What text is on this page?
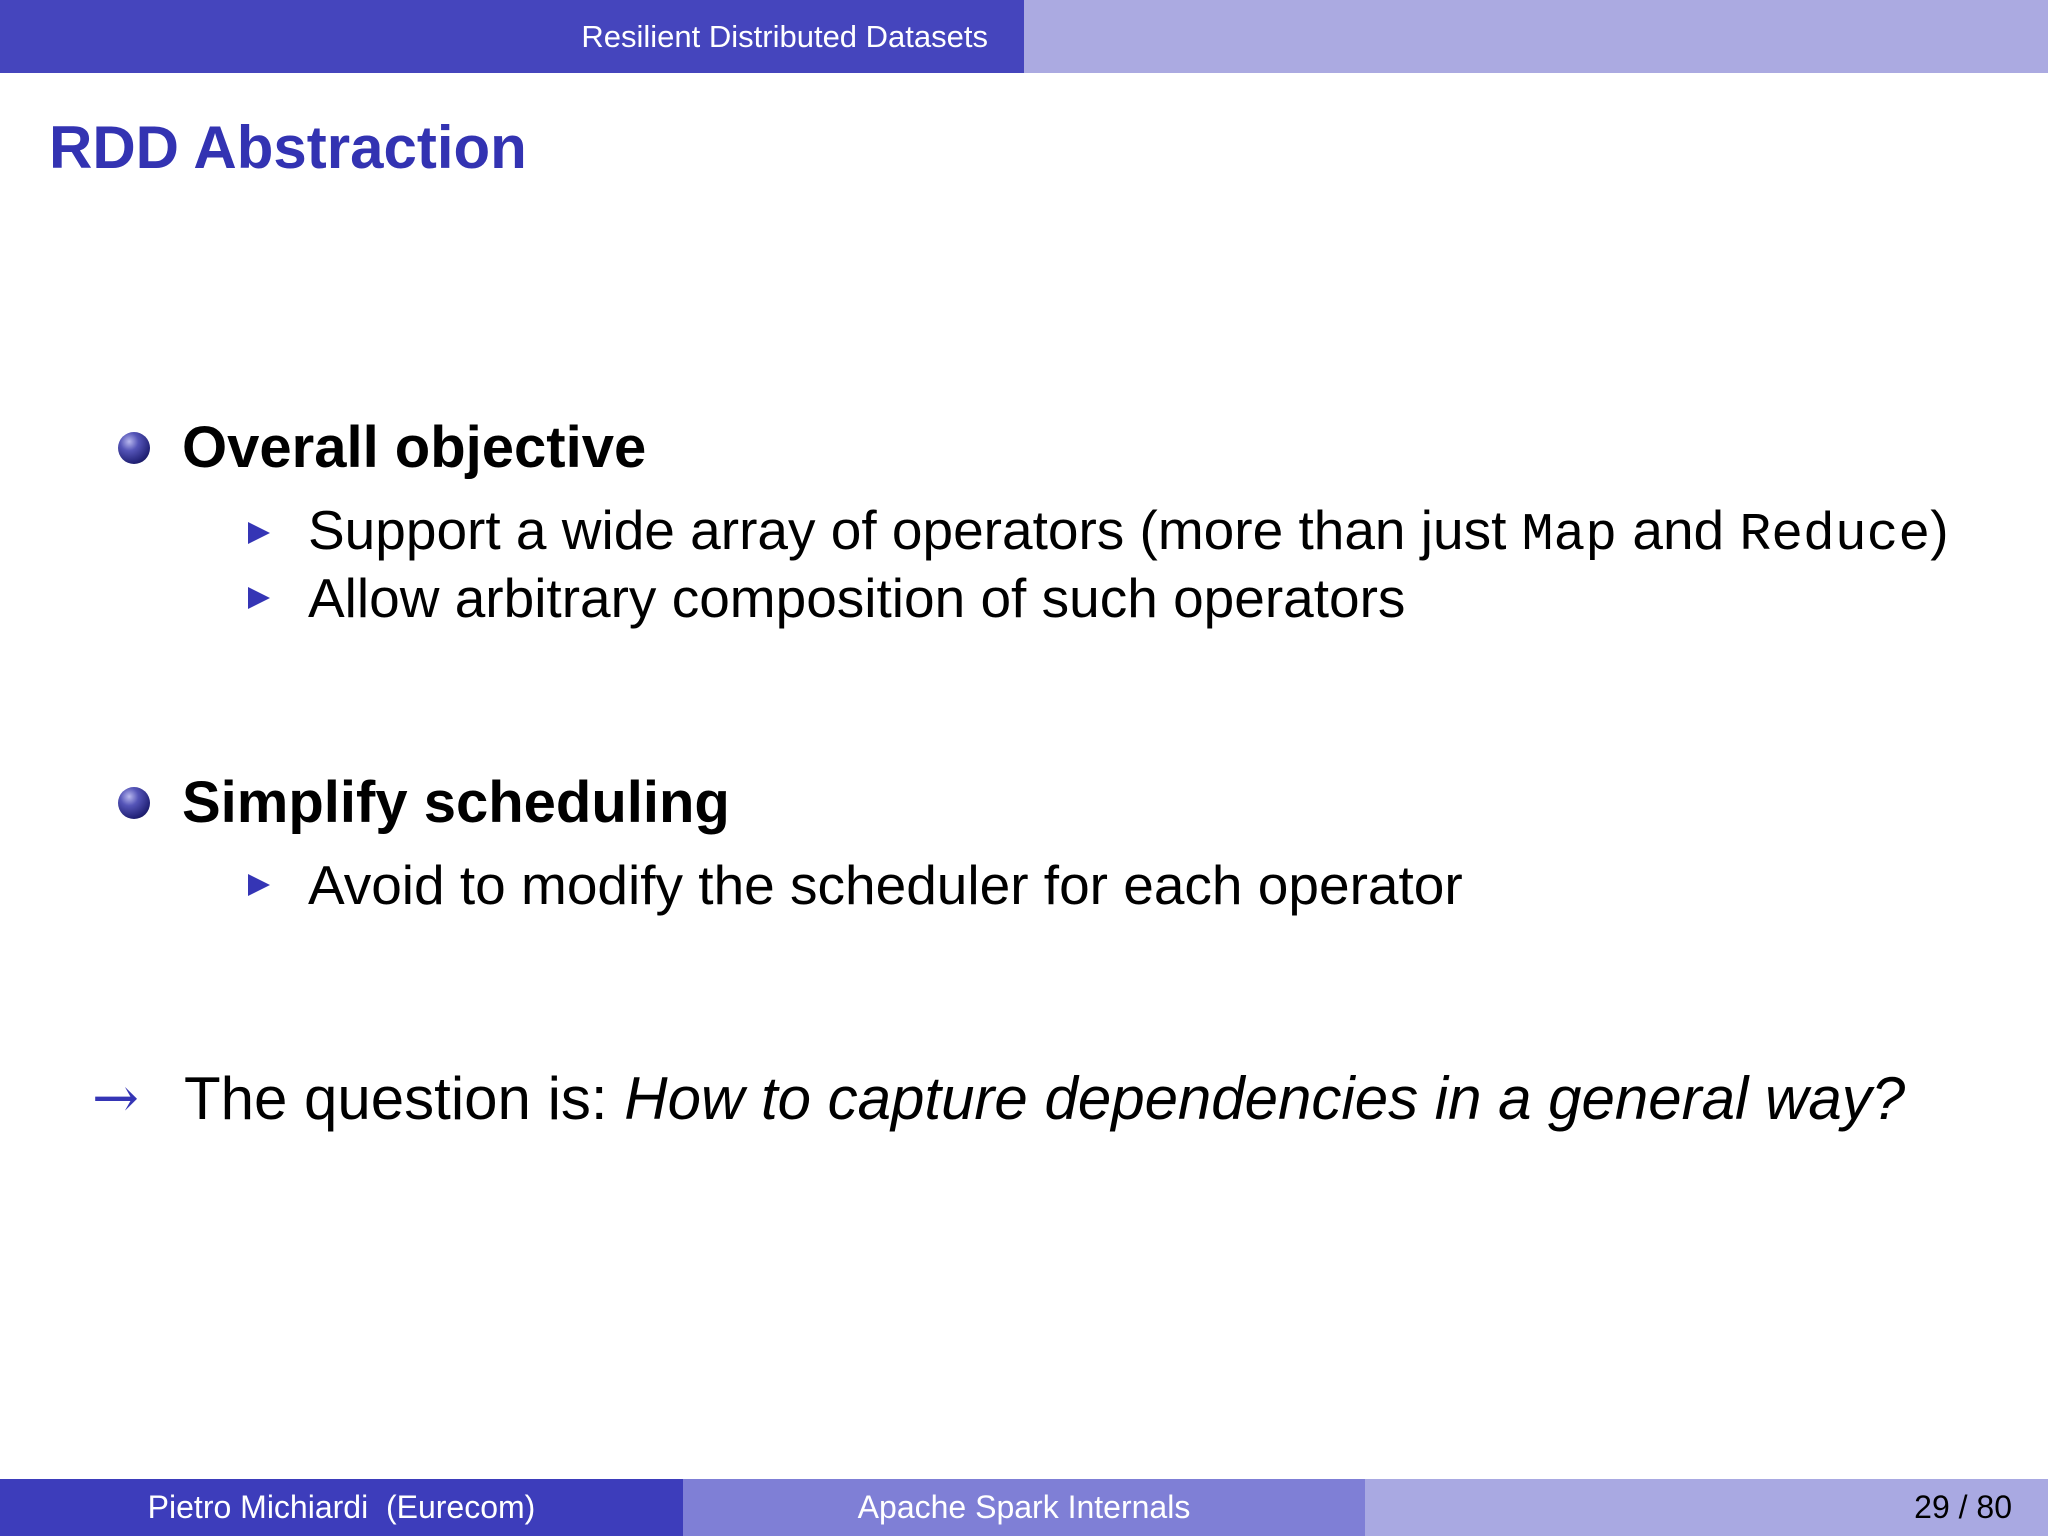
Resilient Distributed Datasets
RDD Abstraction
Overall objective
Support a wide array of operators (more than just Map and Reduce)
Allow arbitrary composition of such operators
Simplify scheduling
Avoid to modify the scheduler for each operator
→ The question is: How to capture dependencies in a general way?
Pietro Michiardi  (Eurecom)	Apache Spark Internals	29 / 80
